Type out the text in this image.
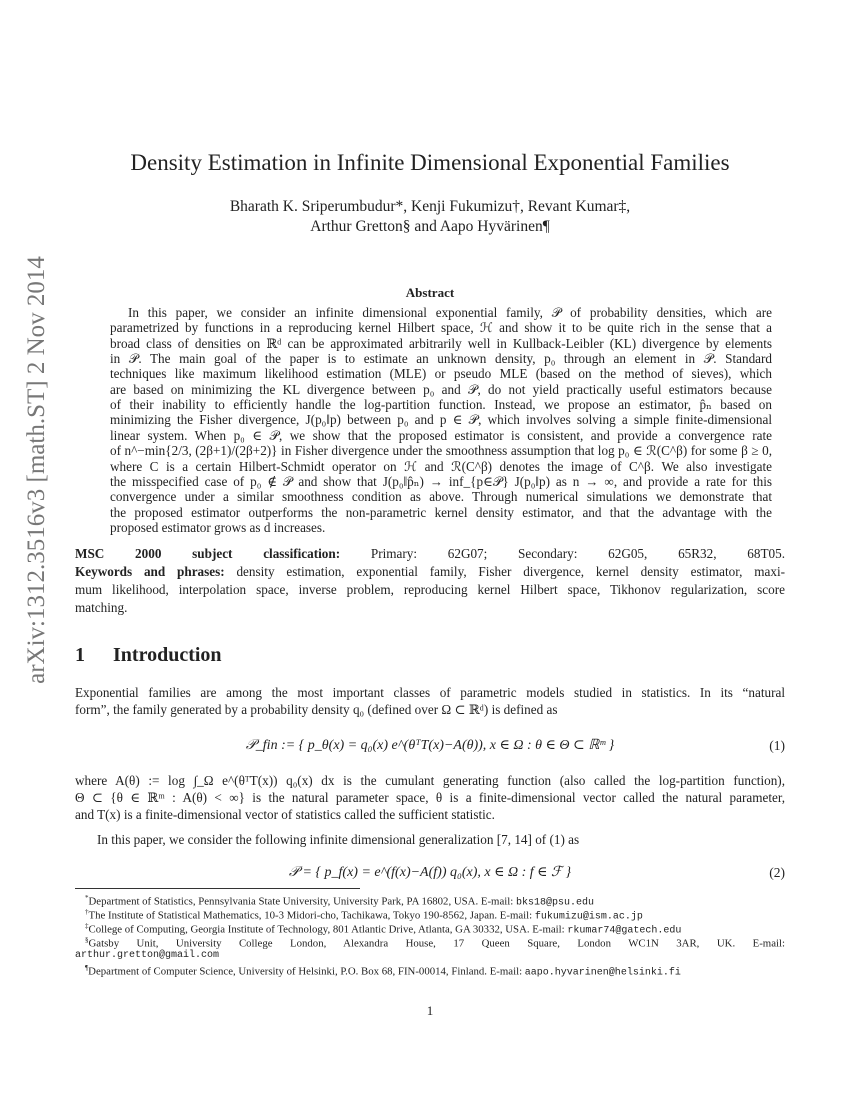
arXiv:1312.3516v3 [math.ST] 2 Nov 2014
Density Estimation in Infinite Dimensional Exponential Families
Bharath K. Sriperumbudur*, Kenji Fukumizu†, Revant Kumar‡,
Arthur Gretton§ and Aapo Hyvärinen¶
Abstract
In this paper, we consider an infinite dimensional exponential family, 𝒫 of probability densities, which are
parametrized by functions in a reproducing kernel Hilbert space, ℋ and show it to be quite rich in the sense that a
broad class of densities on ℝᵈ can be approximated arbitrarily well in Kullback-Leibler (KL) divergence by elements
in 𝒫. The main goal of the paper is to estimate an unknown density, p₀ through an element in 𝒫. Standard
techniques like maximum likelihood estimation (MLE) or pseudo MLE (based on the method of sieves), which
are based on minimizing the KL divergence between p₀ and 𝒫, do not yield practically useful estimators because
of their inability to efficiently handle the log-partition function. Instead, we propose an estimator, p̂ₙ based on
minimizing the Fisher divergence, J(p₀‖p) between p₀ and p ∈ 𝒫, which involves solving a simple finite-dimensional
linear system. When p₀ ∈ 𝒫, we show that the proposed estimator is consistent, and provide a convergence rate
of n^−min{2/3, (2β+1)/(2β+2)} in Fisher divergence under the smoothness assumption that log p₀ ∈ ℛ(C^β) for some β ≥ 0,
where C is a certain Hilbert-Schmidt operator on ℋ and ℛ(C^β) denotes the image of C^β. We also investigate
the misspecified case of p₀ ∉ 𝒫 and show that J(p₀‖p̂ₙ) → inf_{p∈𝒫} J(p₀‖p) as n → ∞, and provide a rate for this
convergence under a similar smoothness condition as above. Through numerical simulations we demonstrate that
the proposed estimator outperforms the non-parametric kernel density estimator, and that the advantage with the
proposed estimator grows as d increases.
MSC 2000 subject classification: Primary: 62G07; Secondary: 62G05, 65R32, 68T05.
Keywords and phrases: density estimation, exponential family, Fisher divergence, kernel density estimator, maxi-
mum likelihood, interpolation space, inverse problem, reproducing kernel Hilbert space, Tikhonov regularization, score
matching.
1 Introduction
Exponential families are among the most important classes of parametric models studied in statistics. In its “natural
form”, the family generated by a probability density q₀ (defined over Ω ⊂ ℝᵈ) is defined as
𝒫_fin := { p_θ(x) = q₀(x) e^(θᵀT(x)−A(θ)), x ∈ Ω : θ ∈ Θ ⊂ ℝᵐ }	(1)
where A(θ) := log ∫_Ω e^(θᵀT(x)) q₀(x) dx is the cumulant generating function (also called the log-partition function),
Θ ⊂ {θ ∈ ℝᵐ : A(θ) < ∞} is the natural parameter space, θ is a finite-dimensional vector called the natural parameter,
and T(x) is a finite-dimensional vector of statistics called the sufficient statistic.
In this paper, we consider the following infinite dimensional generalization [7, 14] of (1) as
𝒫 = { p_f(x) = e^(f(x)−A(f)) q₀(x), x ∈ Ω : f ∈ ℱ }	(2)
*Department of Statistics, Pennsylvania State University, University Park, PA 16802, USA. E-mail: bks18@psu.edu
†The Institute of Statistical Mathematics, 10-3 Midori-cho, Tachikawa, Tokyo 190-8562, Japan. E-mail: fukumizu@ism.ac.jp
‡College of Computing, Georgia Institute of Technology, 801 Atlantic Drive, Atlanta, GA 30332, USA. E-mail: rkumar74@gatech.edu
§Gatsby Unit, University College London, Alexandra House, 17 Queen Square, London WC1N 3AR, UK. E-mail:
arthur.gretton@gmail.com
¶Department of Computer Science, University of Helsinki, P.O. Box 68, FIN-00014, Finland. E-mail: aapo.hyvarinen@helsinki.fi
1
